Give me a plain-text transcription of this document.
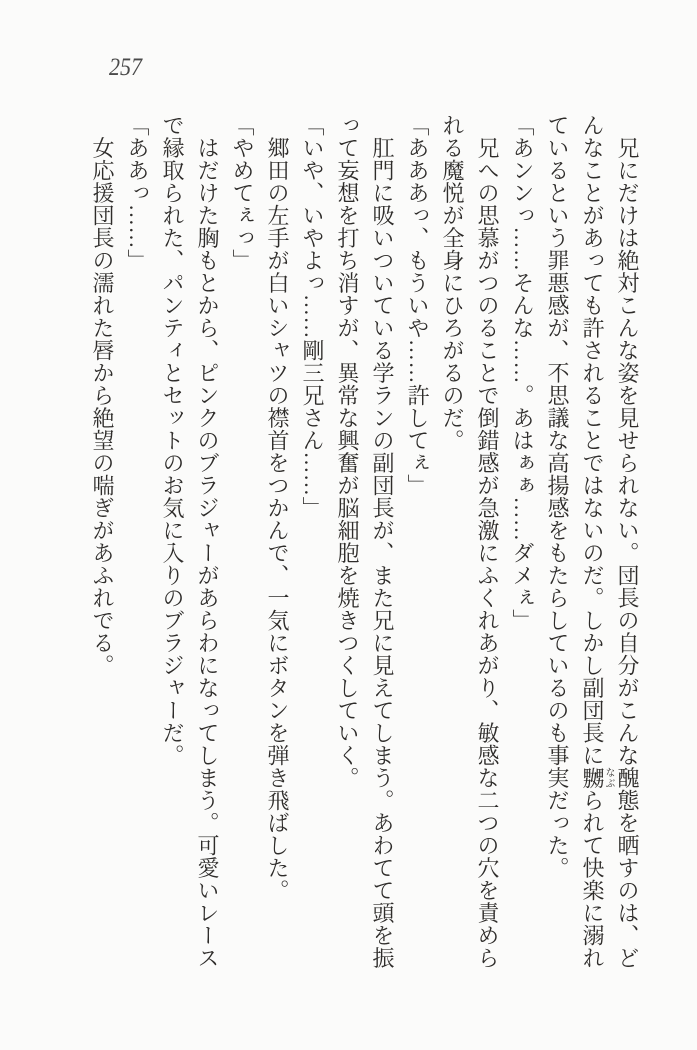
257

　兄にだけは絶対こんな姿を見せられない。団長の自分がこんな醜態を晒すのは、どんなことがあっても許されることではないのだ。しかし副団長に嬲なぶられて快楽に溺れているという罪悪感が、不思議な高揚感をもたらしているのも事実だった。

「あンンっ……そんな……。あはぁぁ……ダメぇ」

　兄への思慕がつのることで倒錯感が急激にふくれあがり、敏感な二つの穴を責められる魔悦が全身にひろがるのだ。

「あああっ、もういや……許してぇ」

　肛門に吸いついている学ランの副団長が、また兄に見えてしまう。あわてて頭を振って妄想を打ち消すが、異常な興奮が脳細胞を焼きつくしていく。

「いや、いやよっ……剛三兄さん……」

　郷田の左手が白いシャツの襟首をつかんで、一気にボタンを弾き飛ばした。

「やめてぇっ」

　はだけた胸もとから、ピンクのブラジャーがあらわになってしまう。可愛いレースで縁取られた、パンティとセットのお気に入りのブラジャーだ。

「ああっ……」

　女応援団長の濡れた唇から絶望の喘ぎがあふれでる。
